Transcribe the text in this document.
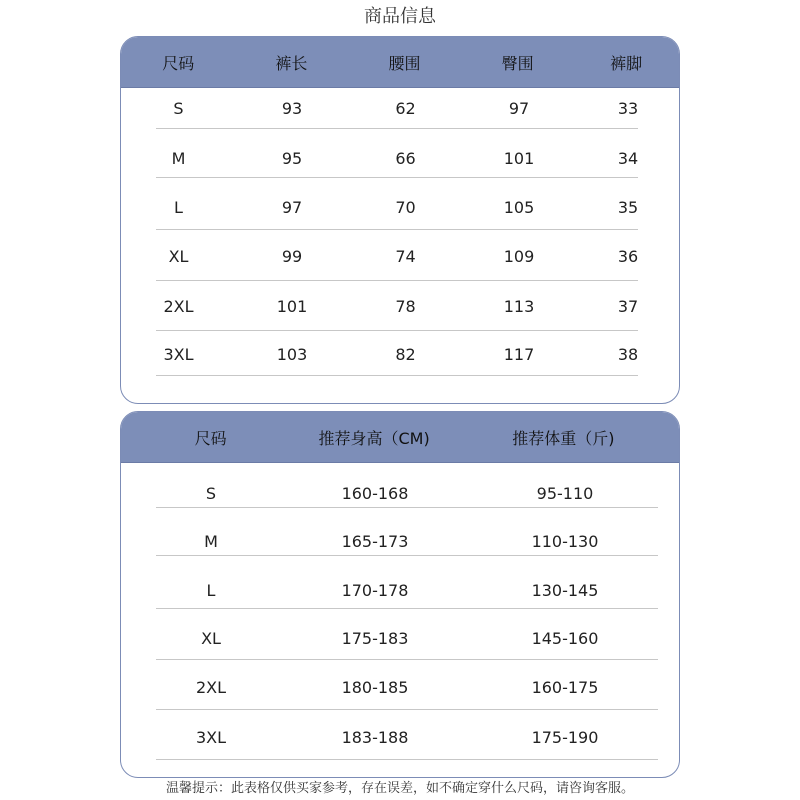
商品信息
尺码	裤长	腰围	臀围	裤脚
S	93	62	97	33
M	95	66	101	34
L	97	70	105	35
XL	99	74	109	36
2XL	101	78	113	37
3XL	103	82	117	38
尺码	推荐身高（CM)	推荐体重（斤)
S	160-168	95-110
M	165-173	110-130
L	170-178	130-145
XL	175-183	145-160
2XL	180-185	160-175
3XL	183-188	175-190
温馨提示：此表格仅供买家参考，存在误差，如不确定穿什么尺码，请咨询客服。
